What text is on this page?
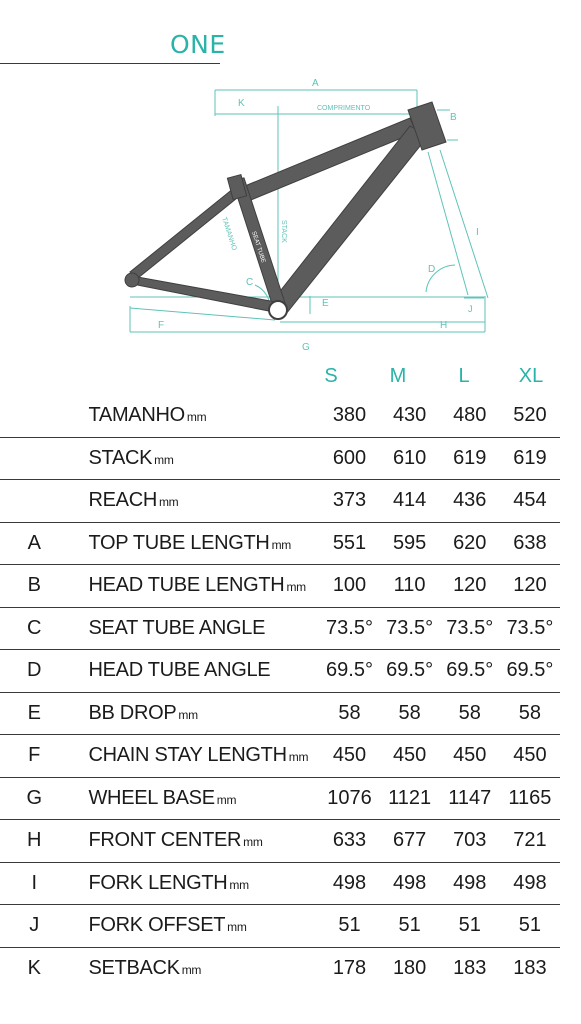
ONE
A
K	COMPRIMENTO
B
I
D
J
E
F	H
G
C
STACK
TAMANHO SEAT TUBE
S	M	L	XL
	TAMANHO mm	380	430	480	520
	STACK mm	600	610	619	619
	REACH mm	373	414	436	454
A	TOP TUBE LENGTH mm	551	595	620	638
B	HEAD TUBE LENGTH mm	100	110	120	120
C	SEAT TUBE ANGLE	73.5°	73.5°	73.5°	73.5°
D	HEAD TUBE ANGLE	69.5°	69.5°	69.5°	69.5°
E	BB DROP mm	58	58	58	58
F	CHAIN STAY LENGTH mm	450	450	450	450
G	WHEEL BASE mm	1076	1121	1147	1165
H	FRONT CENTER mm	633	677	703	721
I	FORK LENGTH mm	498	498	498	498
J	FORK OFFSET mm	51	51	51	51
K	SETBACK mm	178	180	183	183
